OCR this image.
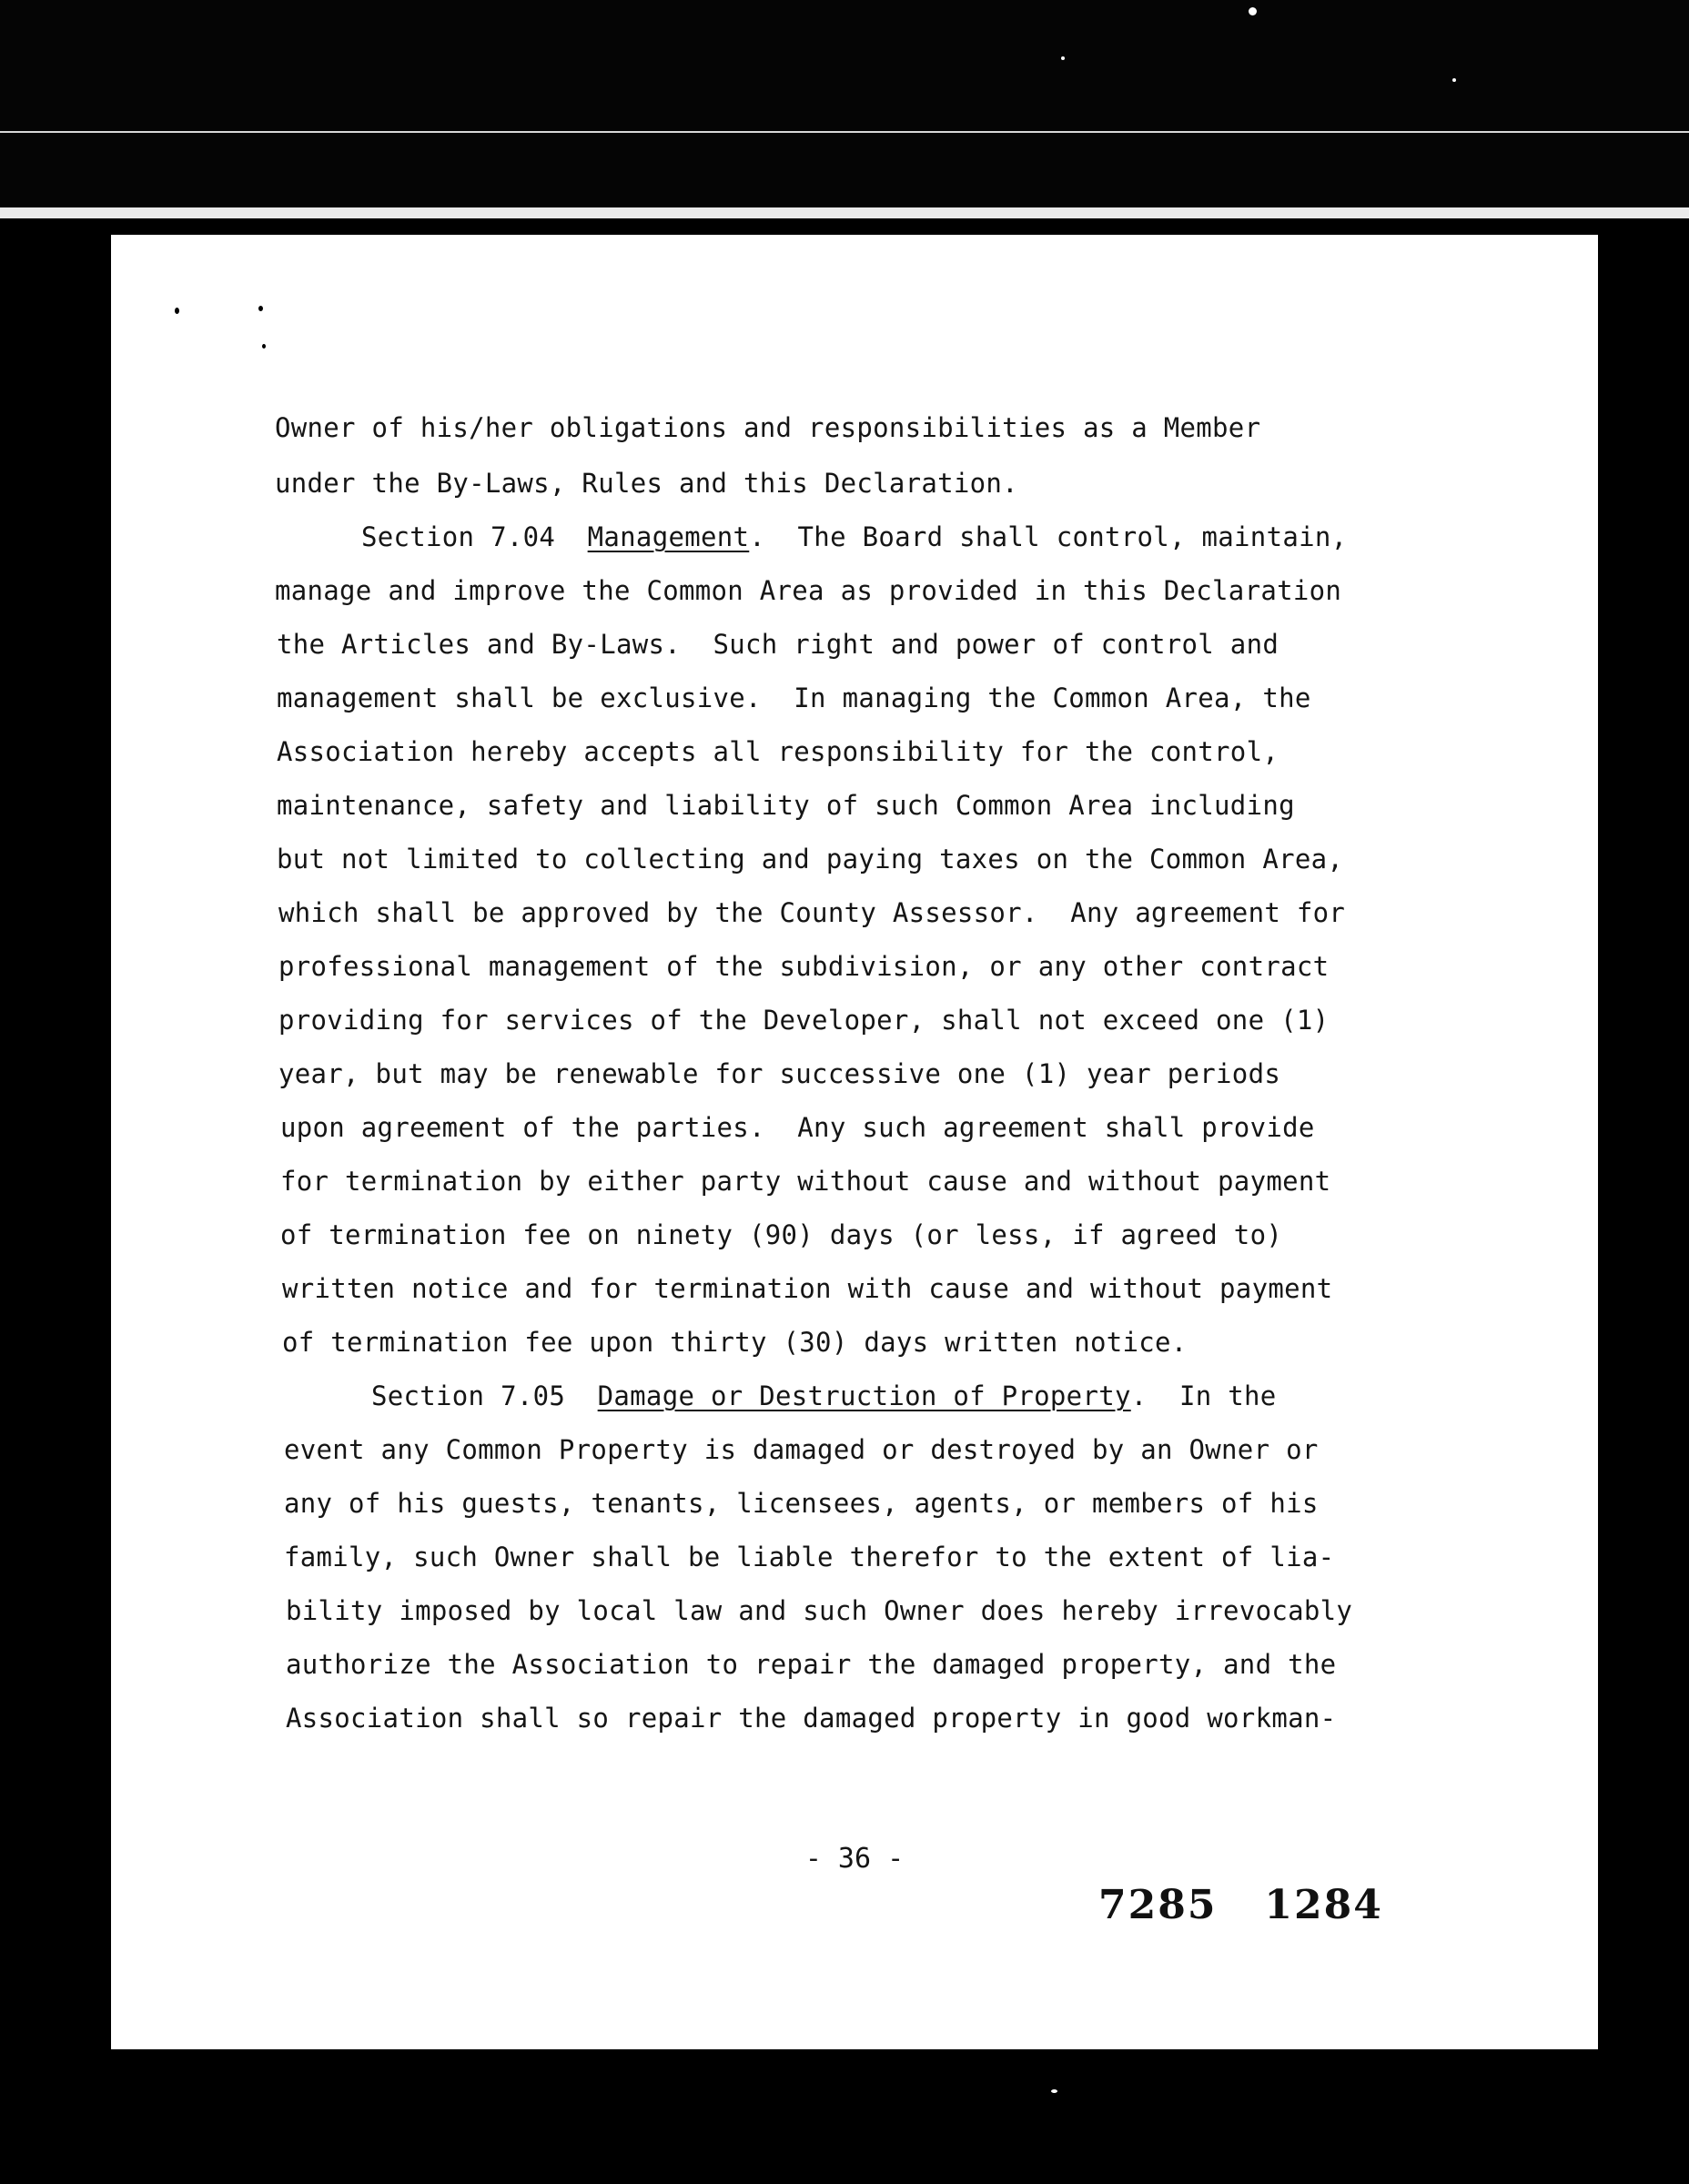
Owner of his/her obligations and responsibilities as a Member
under the By-Laws, Rules and this Declaration.
Section 7.04 Management.  The Board shall control, maintain,
manage and improve the Common Area as provided in this Declaration
the Articles and By-Laws.  Such right and power of control and
management shall be exclusive.  In managing the Common Area, the
Association hereby accepts all responsibility for the control,
maintenance, safety and liability of such Common Area including
but not limited to collecting and paying taxes on the Common Area,
which shall be approved by the County Assessor.  Any agreement for
professional management of the subdivision, or any other contract
providing for services of the Developer, shall not exceed one (1)
year, but may be renewable for successive one (1) year periods
upon agreement of the parties.  Any such agreement shall provide
for termination by either party without cause and without payment
of termination fee on ninety (90) days (or less, if agreed to)
written notice and for termination with cause and without payment
of termination fee upon thirty (30) days written notice.
Section 7.05 Damage or Destruction of Property.  In the
event any Common Property is damaged or destroyed by an Owner or
any of his guests, tenants, licensees, agents, or members of his
family, such Owner shall be liable therefor to the extent of lia-
bility imposed by local law and such Owner does hereby irrevocably
authorize the Association to repair the damaged property, and the
Association shall so repair the damaged property in good workman-
- 36 -
7285   1284
